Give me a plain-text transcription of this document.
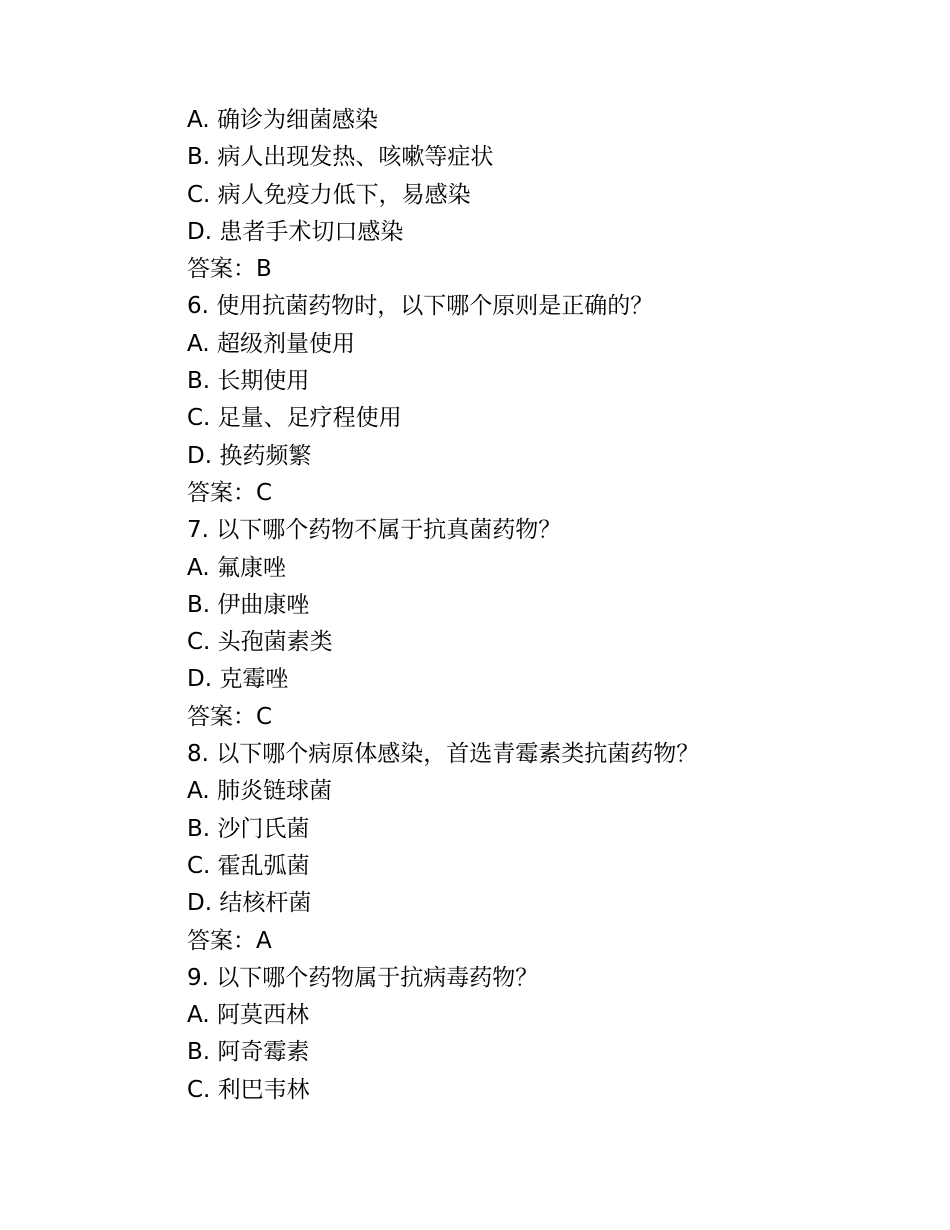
A. 确诊为细菌感染
B. 病人出现发热、咳嗽等症状
C. 病人免疫力低下，易感染
D. 患者手术切口感染
答案：B
6. 使用抗菌药物时，以下哪个原则是正确的？
A. 超级剂量使用
B. 长期使用
C. 足量、足疗程使用
D. 换药频繁
答案：C
7. 以下哪个药物不属于抗真菌药物？
A. 氟康唑
B. 伊曲康唑
C. 头孢菌素类
D. 克霉唑
答案：C
8. 以下哪个病原体感染，首选青霉素类抗菌药物？
A. 肺炎链球菌
B. 沙门氏菌
C. 霍乱弧菌
D. 结核杆菌
答案：A
9. 以下哪个药物属于抗病毒药物？
A. 阿莫西林
B. 阿奇霉素
C. 利巴韦林
